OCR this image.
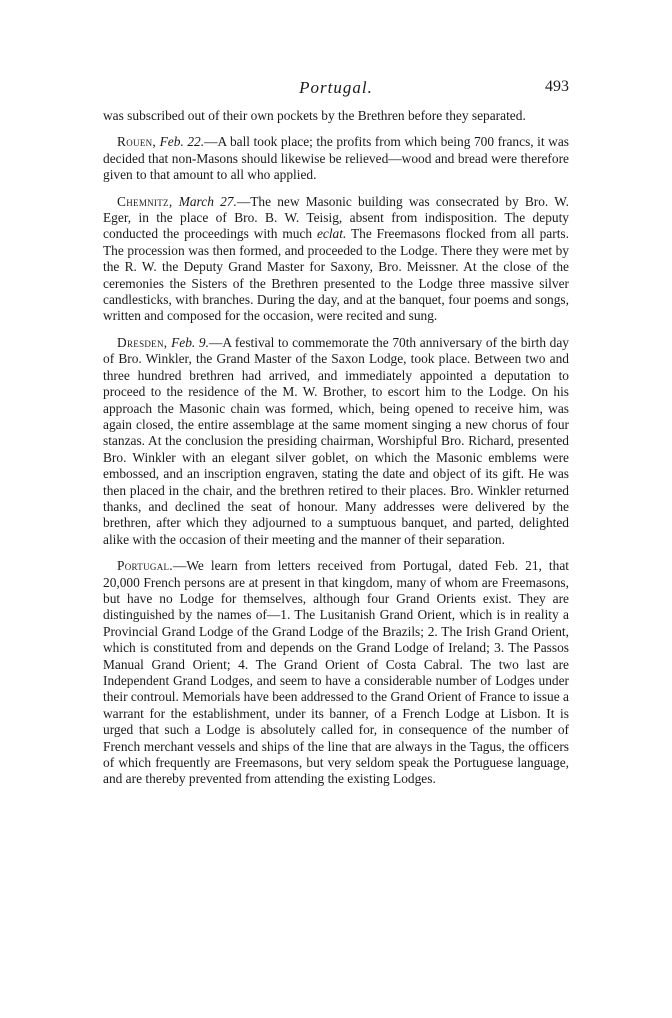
Portugal.	493

was subscribed out of their own pockets by the Brethren before they separated.

Rouen, Feb. 22.—A ball took place; the profits from which being 700 francs, it was decided that non-Masons should likewise be relieved—wood and bread were therefore given to that amount to all who applied.

Chemnitz, March 27.—The new Masonic building was consecrated by Bro. W. Eger, in the place of Bro. B. W. Teisig, absent from indisposition. The deputy conducted the proceedings with much eclat. The Freemasons flocked from all parts. The procession was then formed, and proceeded to the Lodge. There they were met by the R. W. the Deputy Grand Master for Saxony, Bro. Meissner. At the close of the ceremonies the Sisters of the Brethren presented to the Lodge three massive silver candlesticks, with branches. During the day, and at the banquet, four poems and songs, written and composed for the occasion, were recited and sung.

Dresden, Feb. 9.—A festival to commemorate the 70th anniversary of the birth day of Bro. Winkler, the Grand Master of the Saxon Lodge, took place. Between two and three hundred brethren had arrived, and immediately appointed a deputation to proceed to the residence of the M. W. Brother, to escort him to the Lodge. On his approach the Masonic chain was formed, which, being opened to receive him, was again closed, the entire assemblage at the same moment singing a new chorus of four stanzas. At the conclusion the presiding chairman, Worshipful Bro. Richard, presented Bro. Winkler with an elegant silver goblet, on which the Masonic emblems were embossed, and an inscription engraven, stating the date and object of its gift. He was then placed in the chair, and the brethren retired to their places. Bro. Winkler returned thanks, and declined the seat of honour. Many addresses were delivered by the brethren, after which they adjourned to a sumptuous banquet, and parted, delighted alike with the occasion of their meeting and the manner of their separation.

Portugal.—We learn from letters received from Portugal, dated Feb. 21, that 20,000 French persons are at present in that kingdom, many of whom are Freemasons, but have no Lodge for themselves, although four Grand Orients exist. They are distinguished by the names of—1. The Lusitanish Grand Orient, which is in reality a Provincial Grand Lodge of the Grand Lodge of the Brazils; 2. The Irish Grand Orient, which is constituted from and depends on the Grand Lodge of Ireland; 3. The Passos Manual Grand Orient; 4. The Grand Orient of Costa Cabral. The two last are Independent Grand Lodges, and seem to have a considerable number of Lodges under their controul. Memorials have been addressed to the Grand Orient of France to issue a warrant for the establishment, under its banner, of a French Lodge at Lisbon. It is urged that such a Lodge is absolutely called for, in consequence of the number of French merchant vessels and ships of the line that are always in the Tagus, the officers of which frequently are Freemasons, but very seldom speak the Portuguese language, and are thereby prevented from attending the existing Lodges.
